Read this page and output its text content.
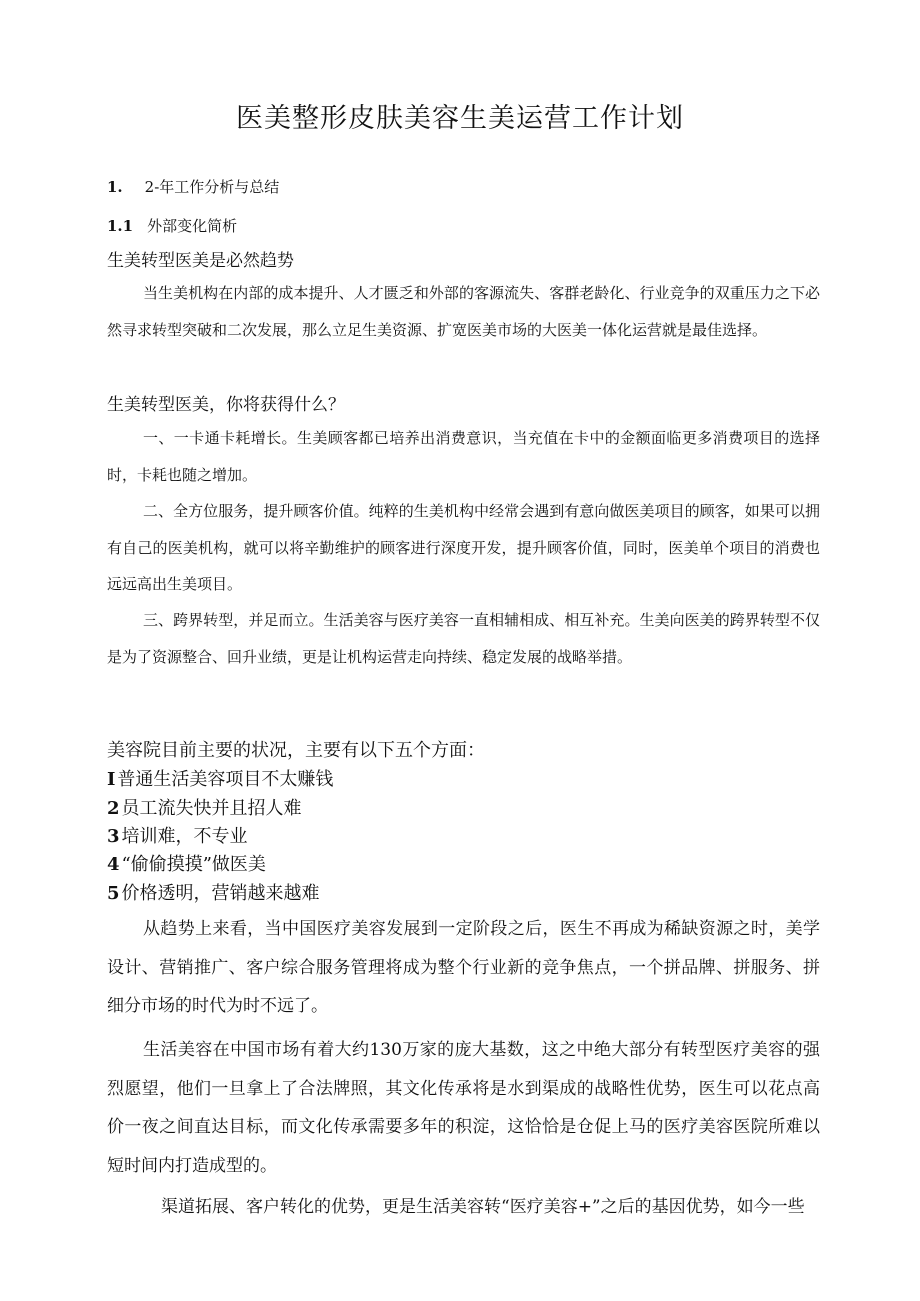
医美整形皮肤美容生美运营工作计划
1. 2-年工作分析与总结
1.1 外部变化简析
生美转型医美是必然趋势

当生美机构在内部的成本提升、人才匮乏和外部的客源流失、客群老龄化、行业竞争的双重压力之下必然寻求转型突破和二次发展，那么立足生美资源、扩宽医美市场的大医美一体化运营就是最佳选择。

生美转型医美，你将获得什么？

一、一卡通卡耗增长。生美顾客都已培养出消费意识，当充值在卡中的金额面临更多消费项目的选择时，卡耗也随之增加。

二、全方位服务，提升顾客价值。纯粹的生美机构中经常会遇到有意向做医美项目的顾客，如果可以拥有自己的医美机构，就可以将辛勤维护的顾客进行深度开发，提升顾客价值，同时，医美单个项目的消费也远远高出生美项目。

三、跨界转型，并足而立。生活美容与医疗美容一直相辅相成、相互补充。生美向医美的跨界转型不仅是为了资源整合、回升业绩，更是让机构运营走向持续、稳定发展的战略举措。

美容院目前主要的状况，主要有以下五个方面：
I 普通生活美容项目不太赚钱
2 员工流失快并且招人难
3 培训难，不专业
4 “偷偷摸摸”做医美
5 价格透明，营销越来越难

从趋势上来看，当中国医疗美容发展到一定阶段之后，医生不再成为稀缺资源之时，美学设计、营销推广、客户综合服务管理将成为整个行业新的竞争焦点，一个拼品牌、拼服务、拼细分市场的时代为时不远了。

生活美容在中国市场有着大约130万家的庞大基数，这之中绝大部分有转型医疗美容的强烈愿望，他们一旦拿上了合法牌照，其文化传承将是水到渠成的战略性优势，医生可以花点高价一夜之间直达目标，而文化传承需要多年的积淀，这恰恰是仓促上马的医疗美容医院所难以短时间内打造成型的。

渠道拓展、客户转化的优势，更是生活美容转“医疗美容+”之后的基因优势，如今一些
